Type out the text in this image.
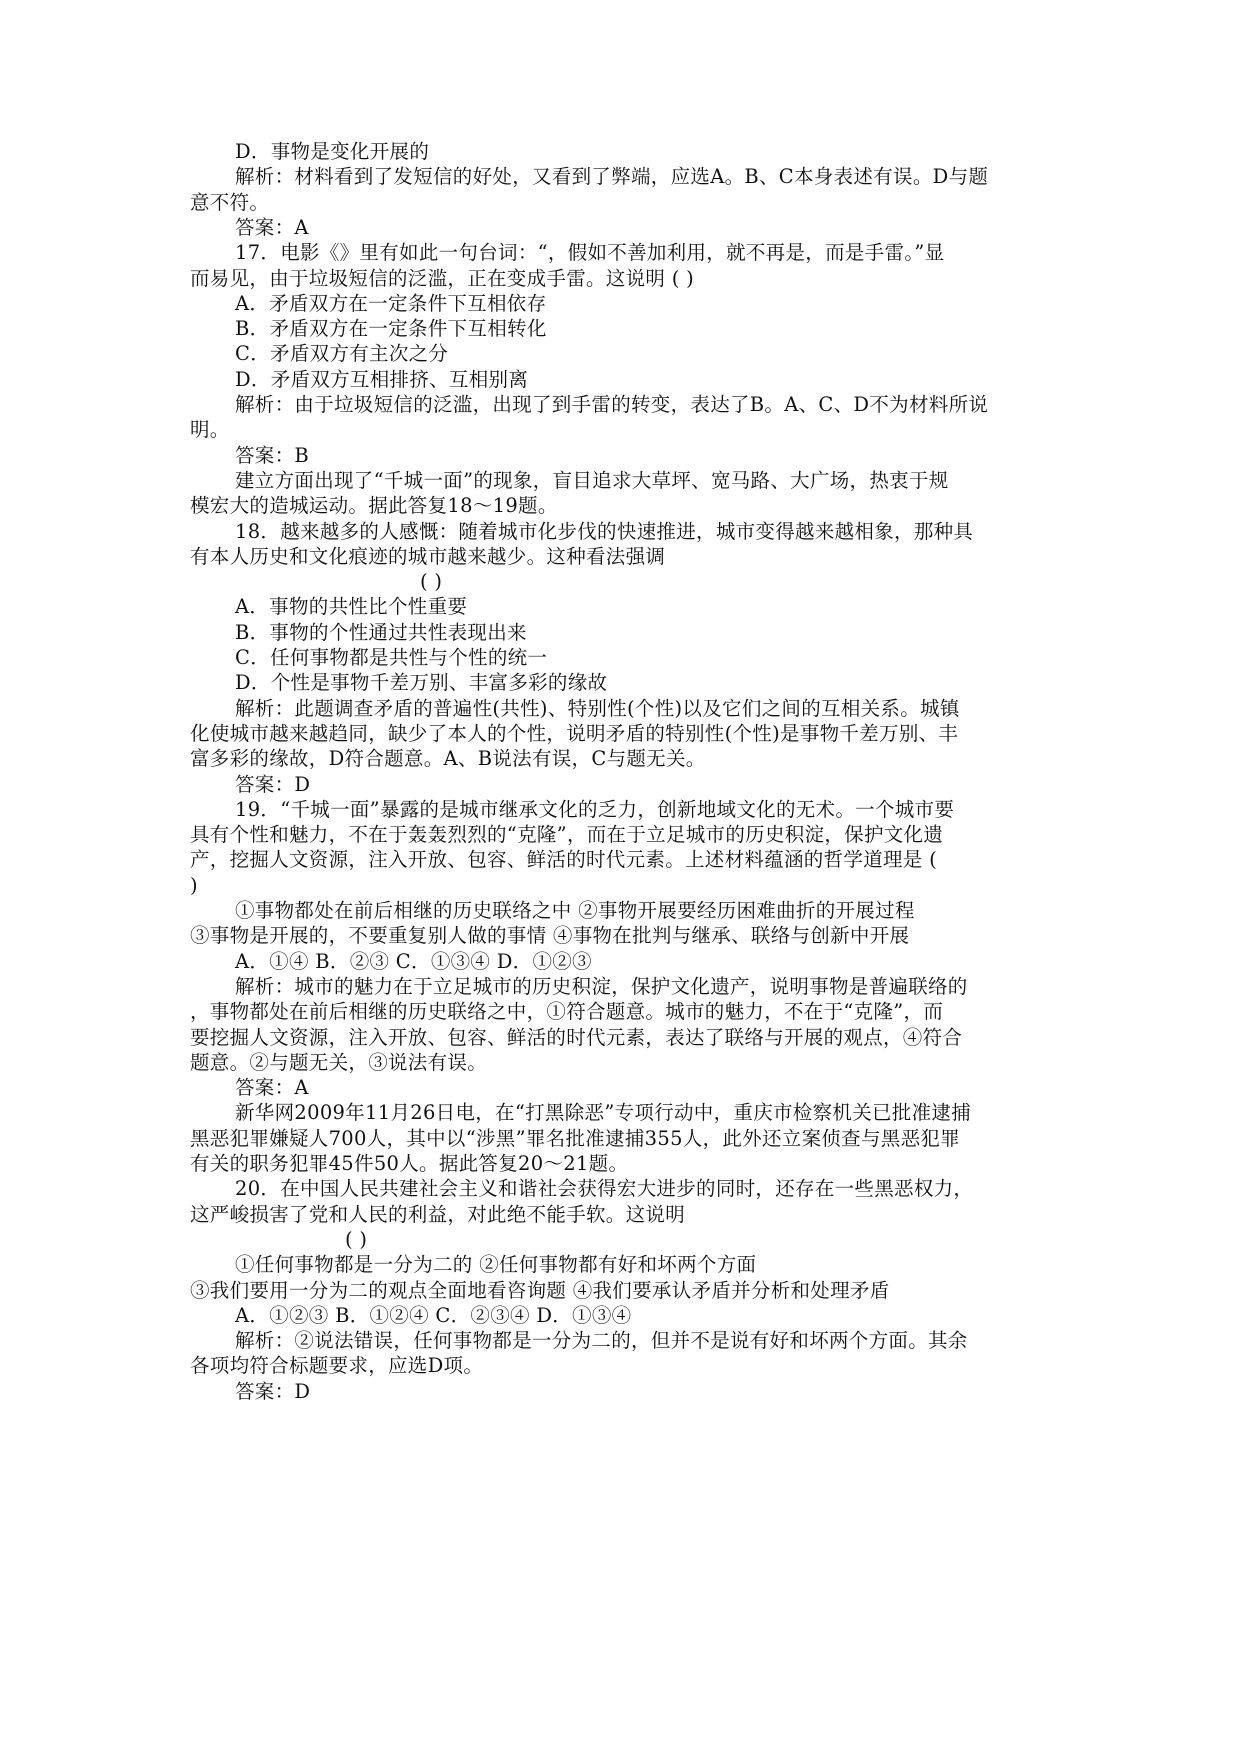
D．事物是变化开展的
解析：材料看到了发短信的好处，又看到了弊端，应选A。B、C本身表述有误。D与题
意不符。
答案：A
17．电影《》里有如此一句台词：“，假如不善加利用，就不再是，而是手雷。”显
而易见，由于垃圾短信的泛滥，正在变成手雷。这说明 ( )
A．矛盾双方在一定条件下互相依存
B．矛盾双方在一定条件下互相转化
C．矛盾双方有主次之分
D．矛盾双方互相排挤、互相别离
解析：由于垃圾短信的泛滥，出现了到手雷的转变，表达了B。A、C、D不为材料所说
明。
答案：B
建立方面出现了“千城一面”的现象，盲目追求大草坪、宽马路、大广场，热衷于规
模宏大的造城运动。据此答复18～19题。
18．越来越多的人感慨：随着城市化步伐的快速推进，城市变得越来越相象，那种具
有本人历史和文化痕迹的城市越来越少。这种看法强调
( )
A．事物的共性比个性重要
B．事物的个性通过共性表现出来
C．任何事物都是共性与个性的统一
D．个性是事物千差万别、丰富多彩的缘故
解析：此题调查矛盾的普遍性(共性)、特别性(个性)以及它们之间的互相关系。城镇
化使城市越来越趋同，缺少了本人的个性，说明矛盾的特别性(个性)是事物千差万别、丰
富多彩的缘故，D符合题意。A、B说法有误，C与题无关。
答案：D
19．“千城一面”暴露的是城市继承文化的乏力，创新地域文化的无术。一个城市要
具有个性和魅力，不在于轰轰烈烈的“克隆”，而在于立足城市的历史积淀，保护文化遗
产，挖掘人文资源，注入开放、包容、鲜活的时代元素。上述材料蕴涵的哲学道理是 (
)
①事物都处在前后相继的历史联络之中 ②事物开展要经历困难曲折的开展过程
③事物是开展的，不要重复别人做的事情 ④事物在批判与继承、联络与创新中开展
A．①④ B．②③ C．①③④ D．①②③
解析：城市的魅力在于立足城市的历史积淀，保护文化遗产，说明事物是普遍联络的
，事物都处在前后相继的历史联络之中，①符合题意。城市的魅力，不在于“克隆”，而
要挖掘人文资源，注入开放、包容、鲜活的时代元素，表达了联络与开展的观点，④符合
题意。②与题无关，③说法有误。
答案：A
新华网2009年11月26日电，在“打黑除恶”专项行动中，重庆市检察机关已批准逮捕
黑恶犯罪嫌疑人700人，其中以“涉黑”罪名批准逮捕355人，此外还立案侦查与黑恶犯罪
有关的职务犯罪45件50人。据此答复20～21题。
20．在中国人民共建社会主义和谐社会获得宏大进步的同时，还存在一些黑恶权力，
这严峻损害了党和人民的利益，对此绝不能手软。这说明
( )
①任何事物都是一分为二的 ②任何事物都有好和坏两个方面
③我们要用一分为二的观点全面地看咨询题 ④我们要承认矛盾并分析和处理矛盾
A．①②③ B．①②④ C．②③④ D．①③④
解析：②说法错误，任何事物都是一分为二的，但并不是说有好和坏两个方面。其余
各项均符合标题要求，应选D项。
答案：D
